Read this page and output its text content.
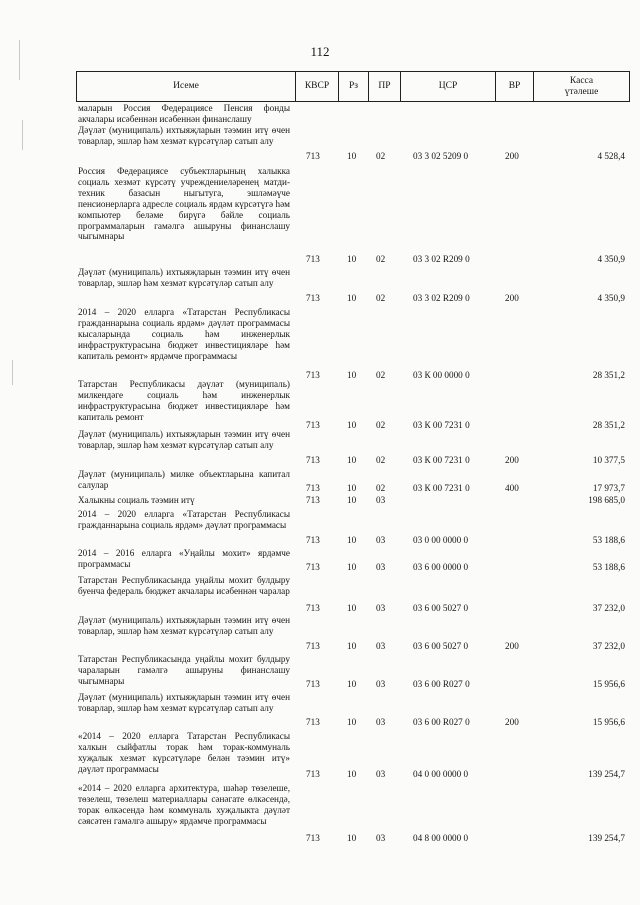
112
Исеме	КВСР	Рз	ПР	ЦСР	ВР
Касса
үтәлеше
маларын Россия Федерациясе Пенсия фонды акчалары исәбеннән исәбеннән финанслашу
Дәүләт (муниципаль) ихтыяҗларын тәэмин итү өчен товарлар, эшләр һәм хезмәт күрсәтүләр сатып алу
713	10 02	03 3 02 5209 0	200	4 528,4
Россия Федерациясе субъектларының халыкка социаль хезмәт күрсәтү учреждениеләренең матди-техник базасын ныгытуга, эшләмәүче пенсионерларга адресле социаль ярдәм күрсәтүгә һәм компьютер беләме бирүгә бәйле социаль программаларын гамәлгә ашыруны финанслашу чыгымнары
713	10 02	03 3 02 R209 0	4 350,9
Дәүләт (муниципаль) ихтыяҗларын тәэмин итү өчен товарлар, эшләр һәм хезмәт күрсәтүләр сатып алу
713	10 02	03 3 02 R209 0	200	4 350,9
2014 – 2020 елларга «Татарстан Республикасы гражданнарына социаль ярдәм» дәүләт программасы кысаларында социаль һәм инженерлык инфраструктурасына бюджет инвестицияләре һәм капиталь ремонт» ярдәмче программасы
713	10 02	03 К 00 0000 0	28 351,2
Татарстан Республикасы дәүләт (муниципаль) милкендәге социаль һәм инженерлык инфраструктурасына бюджет инвестицияләре һәм капиталь ремонт
713	10 02	03 К 00 7231 0	28 351,2
Дәүләт (муниципаль) ихтыяҗларын тәэмин итү өчен товарлар, эшләр һәм хезмәт күрсәтүләр сатып алу
713	10 02	03 К 00 7231 0	200	10 377,5
Дәүләт (муниципаль) милке объектларына капитал салулар	713	10 02	03 К 00 7231 0	400	17 973,7
Халыкны социаль тәэмин итү	713	10 03	198 685,0
2014 – 2020 елларга «Татарстан Республикасы гражданнарына социаль ярдәм» дәүләт программасы
713	10 03	03 0 00 0000 0	53 188,6
2014 – 2016 елларга «Уңайлы мохит» ярдәмче программасы	713	10 03	03 6 00 0000 0	53 188,6
Татарстан Республикасында уңайлы мохит булдыру буенча федераль бюджет акчалары исәбеннән чаралар
713	10 03	03 6 00 5027 0	37 232,0
Дәүләт (муниципаль) ихтыяҗларын тәэмин итү өчен товарлар, эшләр һәм хезмәт күрсәтүләр сатып алу
713	10 03	03 6 00 5027 0	200	37 232,0
Татарстан Республикасында уңайлы мохит булдыру чараларын гамәлгә ашыруны финанслашу чыгымнары	713	10 03	03 6 00 R027 0	15 956,6
Дәүләт (муниципаль) ихтыяҗларын тәэмин итү өчен товарлар, эшләр һәм хезмәт күрсәтүләр сатып алу
713	10 03	03 6 00 R027 0	200	15 956,6
«2014 – 2020 елларга Татарстан Республикасы халкын сыйфатлы торак һәм торак-коммуналь хуҗалык хезмәт күрсәтүләре белән тәэмин итү» дәүләт программасы
713	10 03	04 0 00 0000 0	139 254,7
«2014 – 2020 елларга архитектура, шәһәр төзелеше, төзелеш, төзелеш материаллары сәнәгате өлкәсендә, торак өлкәсендә һәм коммуналь хуҗалыкта дәүләт сәясәтен гамәлгә ашыру» ярдәмче программасы
713	10 03	04 8 00 0000 0	139 254,7
